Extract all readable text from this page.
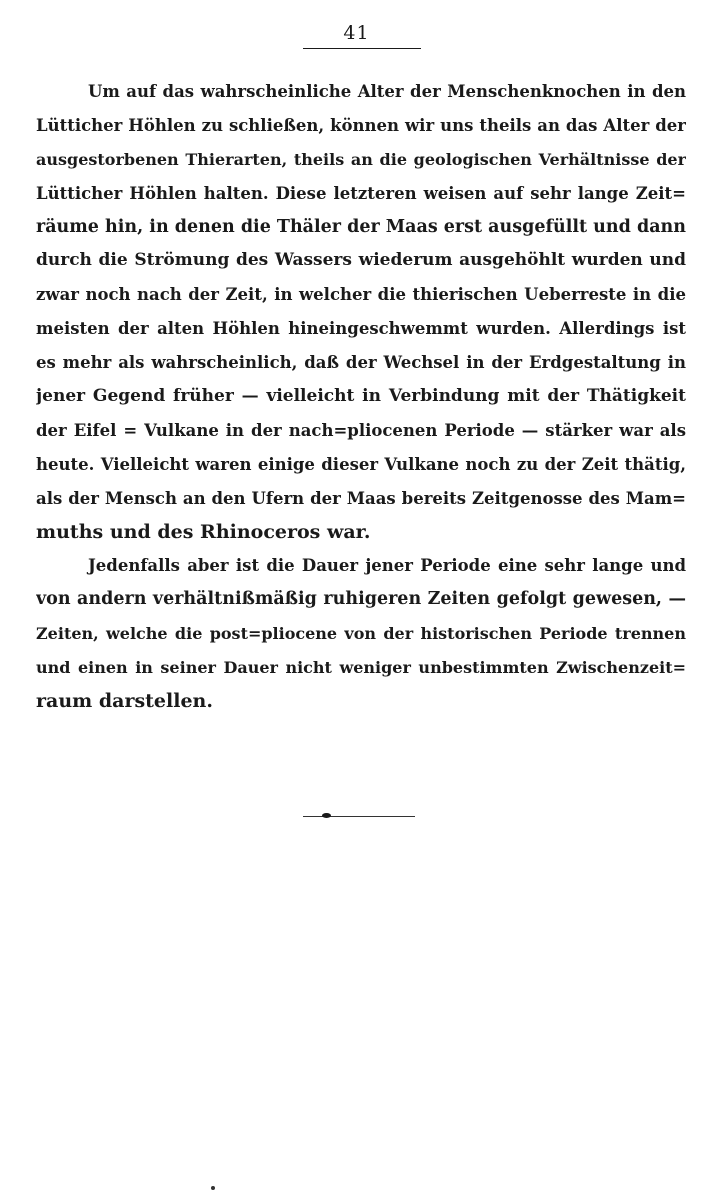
41
Um auf das wahrscheinliche Alter der Menschenknochen in den
Lütticher Höhlen zu schließen, können wir uns theils an das Alter der
ausgestorbenen Thierarten, theils an die geologischen Verhältnisse der
Lütticher Höhlen halten. Diese letzteren weisen auf sehr lange Zeit=
räume hin, in denen die Thäler der Maas erst ausgefüllt und dann
durch die Strömung des Wassers wiederum ausgehöhlt wurden und
zwar noch nach der Zeit, in welcher die thierischen Ueberreste in die
meisten der alten Höhlen hineingeschwemmt wurden. Allerdings ist
es mehr als wahrscheinlich, daß der Wechsel in der Erdgestaltung in
jener Gegend früher — vielleicht in Verbindung mit der Thätigkeit
der Eifel = Vulkane in der nach=pliocenen Periode — stärker war als
heute. Vielleicht waren einige dieser Vulkane noch zu der Zeit thätig,
als der Mensch an den Ufern der Maas bereits Zeitgenosse des Mam=
muths und des Rhinoceros war.
Jedenfalls aber ist die Dauer jener Periode eine sehr lange und
von andern verhältnißmäßig ruhigeren Zeiten gefolgt gewesen, —
Zeiten, welche die post=pliocene von der historischen Periode trennen
und einen in seiner Dauer nicht weniger unbestimmten Zwischenzeit=
raum darstellen.
